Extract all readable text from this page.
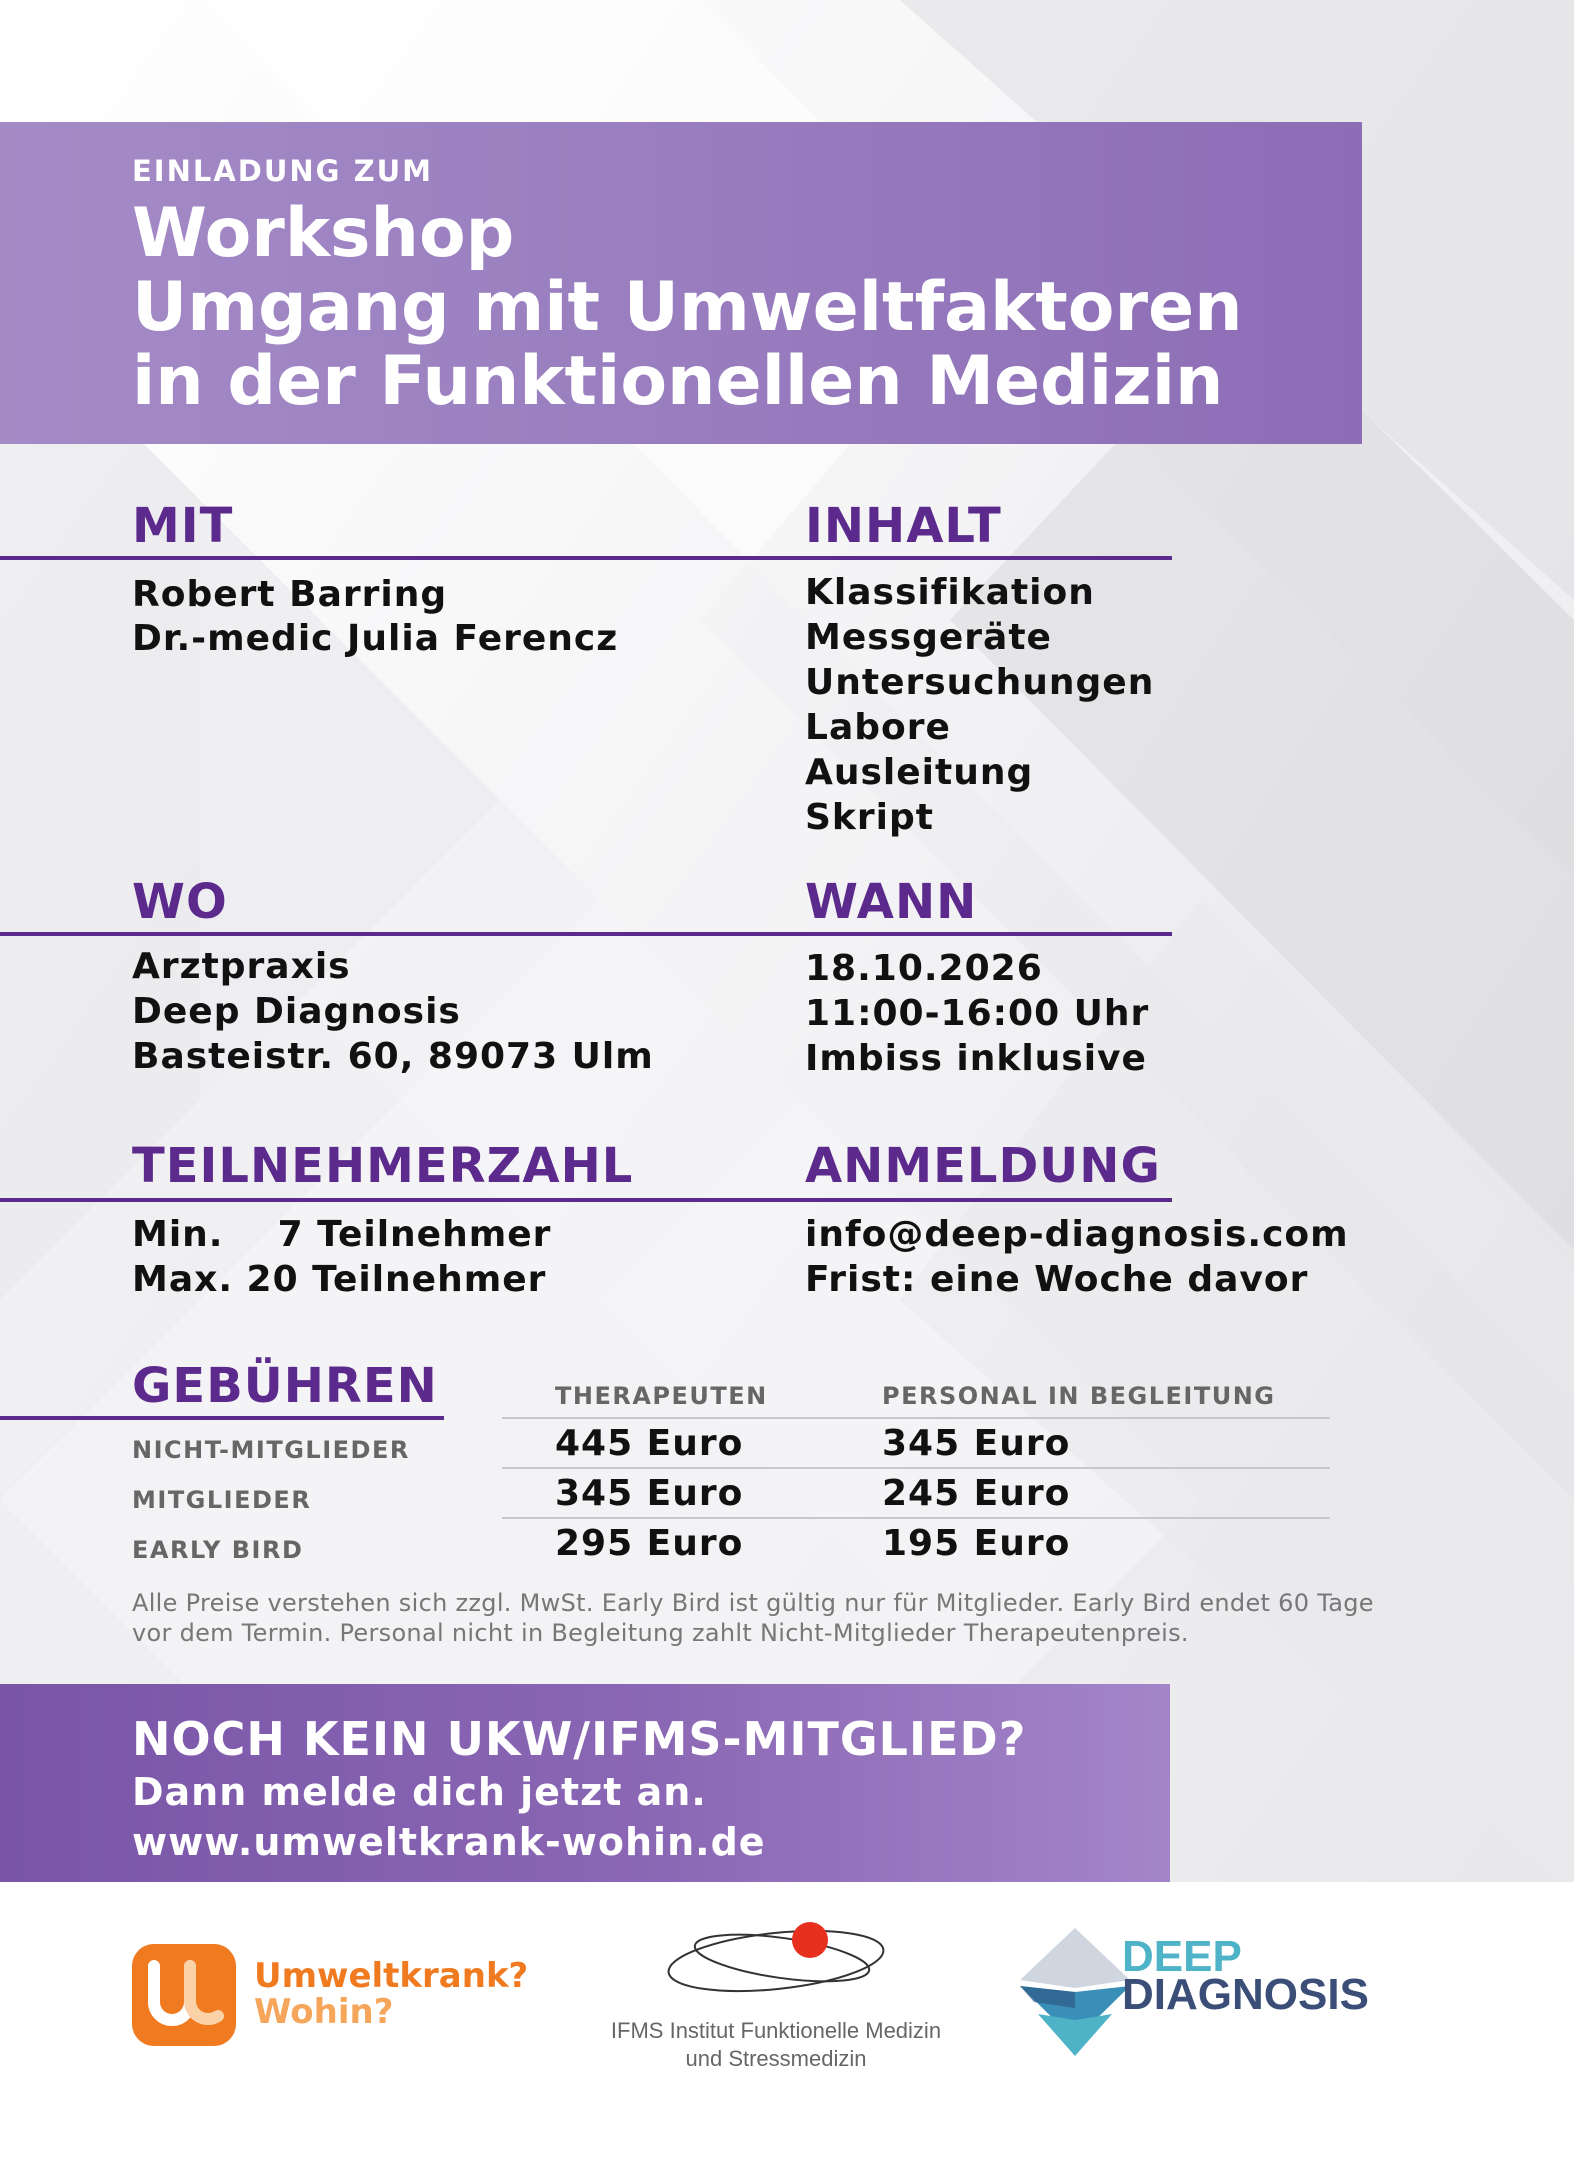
EINLADUNG ZUM
Workshop
Umgang mit Umweltfaktoren
in der Funktionellen Medizin
MIT
Robert Barring
Dr.-medic Julia Ferencz
INHALT
Klassifikation
Messgeräte
Untersuchungen
Labore
Ausleitung
Skript
WO
Arztpraxis
Deep Diagnosis
Basteistr. 60, 89073 Ulm
WANN
18.10.2026
11:00-16:00 Uhr
Imbiss inklusive
TEILNEHMERZAHL
Min.    7 Teilnehmer
Max. 20 Teilnehmer
ANMELDUNG
info@deep-diagnosis.com
Frist: eine Woche davor
GEBÜHREN	THERAPEUTEN	PERSONAL IN BEGLEITUNG
NICHT-MITGLIEDER	445 Euro	345 Euro
MITGLIEDER	345 Euro	245 Euro
EARLY BIRD	295 Euro	195 Euro
Alle Preise verstehen sich zzgl. MwSt. Early Bird ist gültig nur für Mitglieder. Early Bird endet 60 Tage
vor dem Termin. Personal nicht in Begleitung zahlt Nicht-Mitglieder Therapeutenpreis.
NOCH KEIN UKW/IFMS-MITGLIED?
Dann melde dich jetzt an.
www.umweltkrank-wohin.de
Umweltkrank?
Wohin?	IFMS Institut Funktionelle Medizin
und Stressmedizin
DEEP
DIAGNOSIS
